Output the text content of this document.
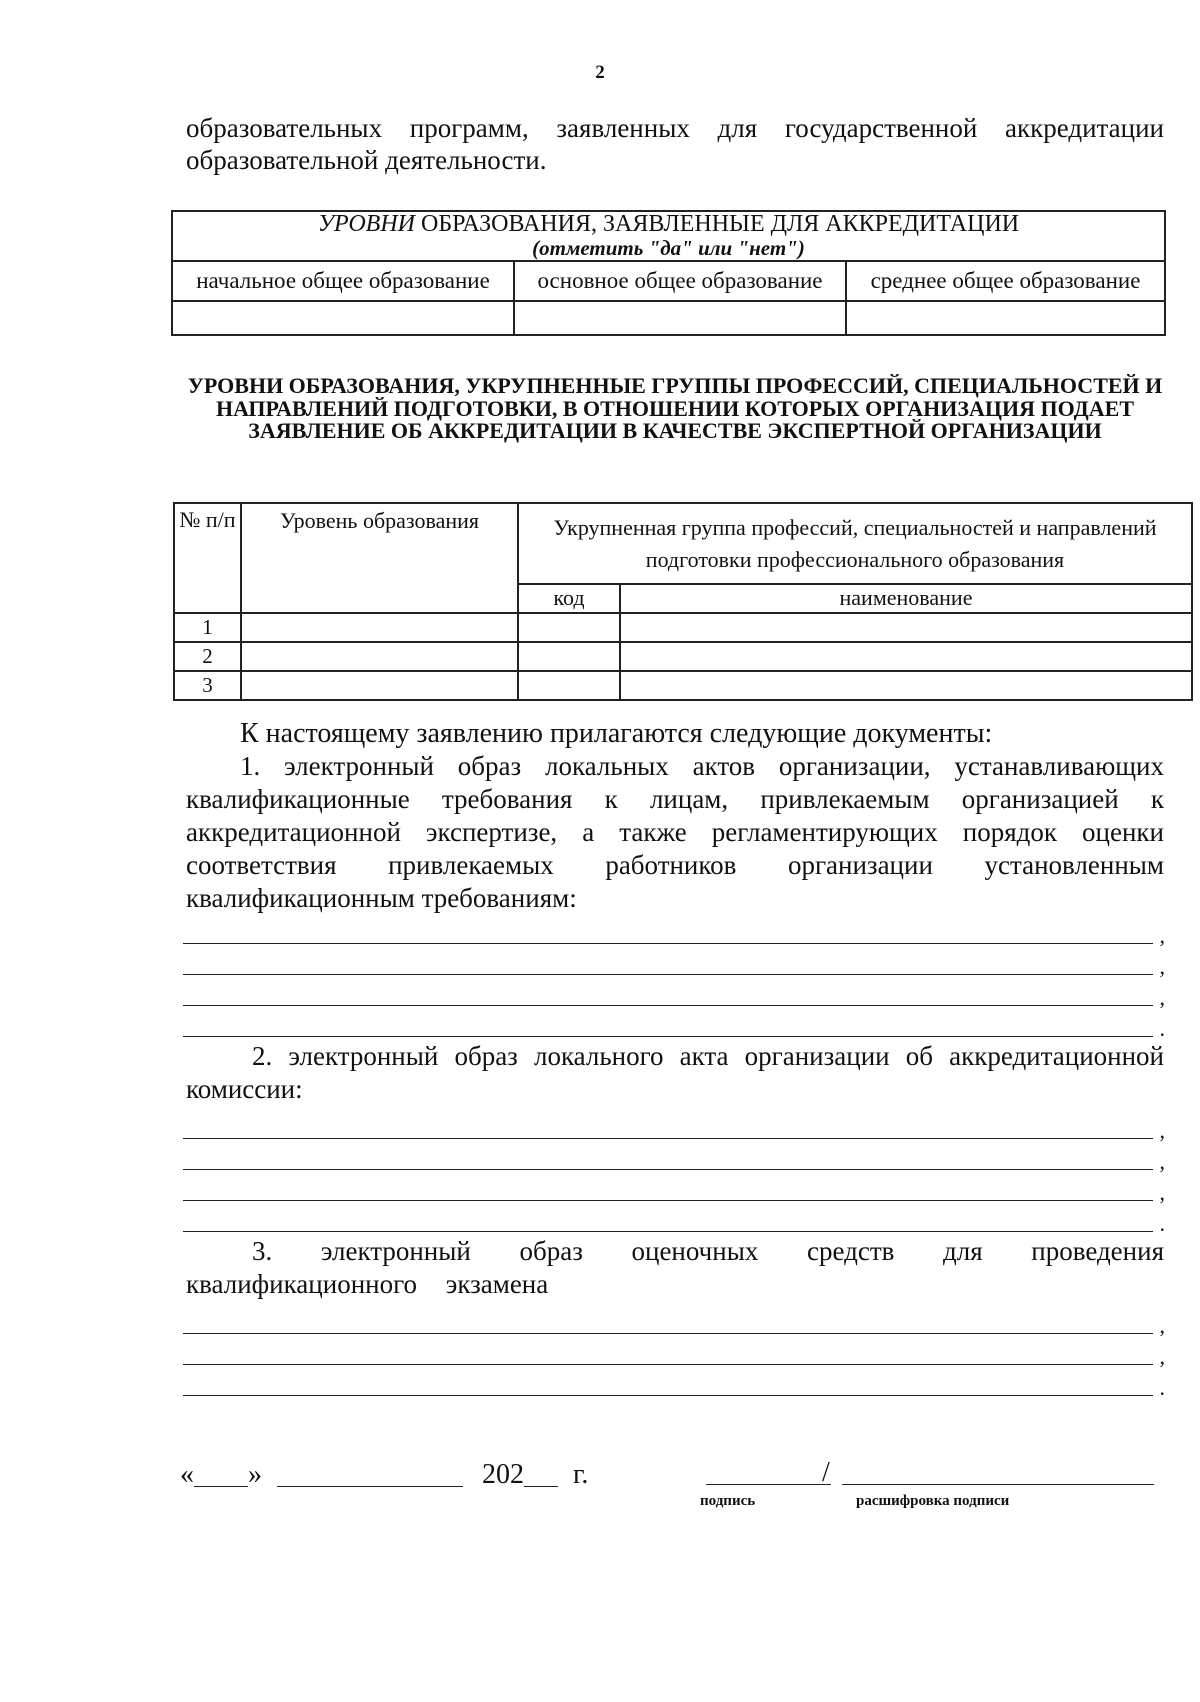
2
образовательных программ, заявленных для государственной аккредитации образовательной деятельности.
УРОВНИ ОБРАЗОВАНИЯ, ЗАЯВЛЕННЫЕ ДЛЯ АККРЕДИТАЦИИ
(отметить "да" или "нет")		

начальное общее образование	основное общее образование	среднее общее образование

УРОВНИ ОБРАЗОВАНИЯ, УКРУПНЕННЫЕ ГРУППЫ ПРОФЕССИЙ, СПЕЦИАЛЬНОСТЕЙ И НАПРАВЛЕНИЙ ПОДГОТОВКИ, В ОТНОШЕНИИ КОТОРЫХ ОРГАНИЗАЦИЯ ПОДАЕТ ЗАЯВЛЕНИЕ ОБ АККРЕДИТАЦИИ В КАЧЕСТВЕ ЭКСПЕРТНОЙ ОРГАНИЗАЦИИ
№ п/п	Уровень образования	Укрупненная группа профессий, специальностей и направлений подготовки профессионального образования	
		код	наименование
1			
2			
3			
К настоящему заявлению прилагаются следующие документы:
1. электронный образ локальных актов организации, устанавливающих квалификационные требования к лицам, привлекаемым организацией к аккредитационной экспертизе, а также регламентирующих порядок оценки соответствия привлекаемых работников организации установленным квалификационным требованиям:
,
,
,
.
2. электронный образ локального акта организации об аккредитационной комиссии:
,
,
,
.
3. электронный образ оценочных средств для проведения квалификационного экзамена
,
,
.
« »	202 г.	/
подпись	расшифровка подписи
